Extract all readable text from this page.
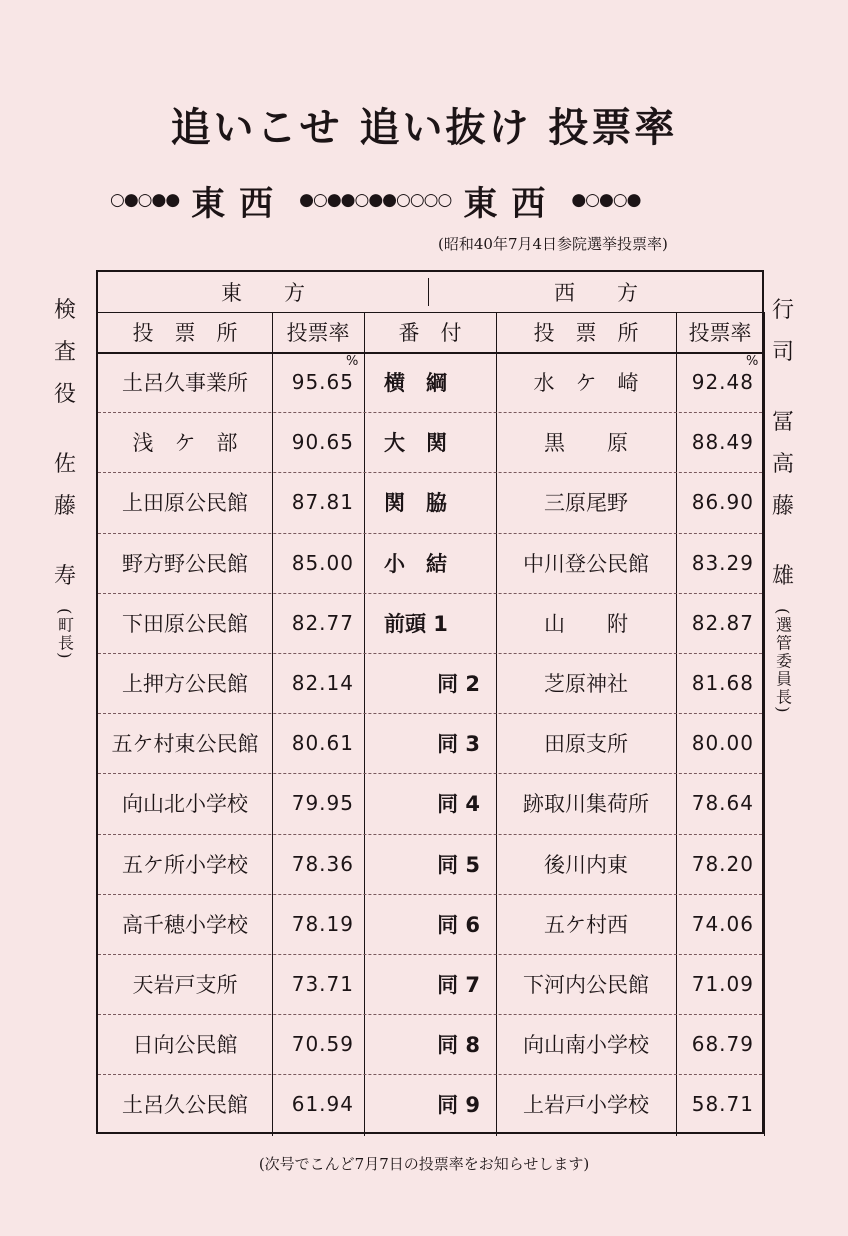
追いこせ 追い抜け 投票率
○●○●● 東西 ●○●●○●●○○○○ 東西 ●○●○●
(昭和40年7月4日参院選挙投票率)
検
査
役
佐
藤
寿
(町長)
行
司
冨
高
藤
雄
(選管委員長)
東　　方	西　　方
投　票　所	投票率	番　付	投　票　所	投票率
土呂久事業所	95.65	横　綱	水　ケ　崎	92.48
浅　ケ　部	90.65	大　関	黒　　原	88.49
上田原公民館	87.81	関　脇	三原尾野	86.90
野方野公民館	85.00	小　結	中川登公民館	83.29
下田原公民館	82.77	前頭 1	山　　附	82.87
上押方公民館	82.14	同 2	芝原神社	81.68
五ケ村東公民館	80.61	同 3	田原支所	80.00
向山北小学校	79.95	同 4	跡取川集荷所	78.64
五ケ所小学校	78.36	同 5	後川内東	78.20
高千穂小学校	78.19	同 6	五ケ村西	74.06
天岩戸支所	73.71	同 7	下河内公民館	71.09
日向公民館	70.59	同 8	向山南小学校	68.79
土呂久公民館	61.94	同 9	上岩戸小学校	58.71
%	%
(次号でこんど7月7日の投票率をお知らせします)
